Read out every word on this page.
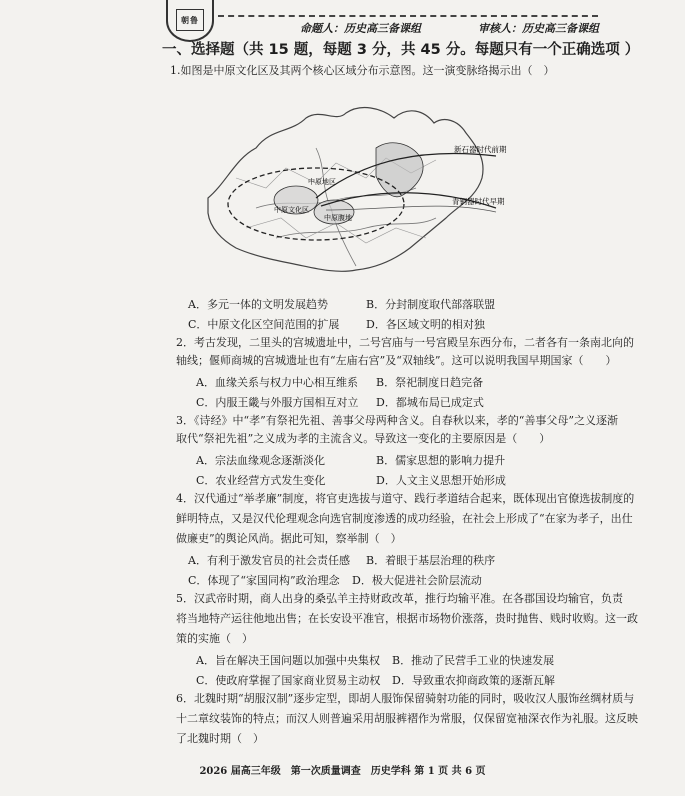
朝鲁
命题人：历史高三备课组	审核人：历史高三备课组
一、选择题（共 15 题，每题 3 分，共 45 分。每题只有一个正确选项 ）
1.如图是中原文化区及其两个核心区域分布示意图。这一演变脉络揭示出（　）
新石器时代前期
青铜器时代早期
中原地区
中原文化区
中原腹地
A．多元一体的文明发展趋势	B．分封制度取代部落联盟
C．中原文化区空间范围的扩展 D．各区域文明的相对独
2．考古发现，二里头的宫城遗址中，二号宫庙与一号宫殿呈东西分布，二者各有一条南北向的
轴线；偃师商城的宫城遗址也有“左庙右宫”及“双轴线”。这可以说明我国早期国家（　　）
A．血缘关系与权力中心相互维系 B．祭祀制度日趋完备
C．内服王畿与外服方国相互对立 D．都城布局已成定式
3．《诗经》中“孝”有祭祀先祖、善事父母两种含义。自春秋以来，孝的“善事父母”之义逐渐
取代“祭祀先祖”之义成为孝的主流含义。导致这一变化的主要原因是（　　）
A．宗法血缘观念逐渐淡化	B．儒家思想的影响力提升
C．农业经营方式发生变化	D．人文主义思想开始形成
4．汉代通过“举孝廉”制度，将官吏选拔与道守、践行孝道结合起来，既体现出官僚选拔制度的
鲜明特点，又是汉代伦理观念向选官制度渗透的成功经验，在社会上形成了“在家为孝子，出仕
做廉吏”的舆论风尚。据此可知，察举制（　）
A．有利于激发官员的社会责任感 B．着眼于基层治理的秩序
C．体现了“家国同构”政治理念 D．极大促进社会阶层流动
5．汉武帝时期，商人出身的桑弘羊主持财政改革，推行均输平准。在各郡国设均输官，负责
将当地特产运往他地出售；在长安设平准官，根据市场物价涨落，贵时抛售、贱时收购。这一政
策的实施（　）
A．旨在解决王国问题以加强中央集权 B．推动了民营手工业的快速发展
C．使政府掌握了国家商业贸易主动权 D．导致重农抑商政策的逐渐瓦解
6．北魏时期“胡服汉制”逐步定型，即胡人服饰保留骑射功能的同时，吸收汉人服饰丝绸材质与
十二章纹装饰的特点；而汉人则普遍采用胡服裤褶作为常服，仅保留宽袖深衣作为礼服。这反映
了北魏时期（　）
2026 届高三年级　第一次质量调查　历史学科 第 1 页 共 6 页
